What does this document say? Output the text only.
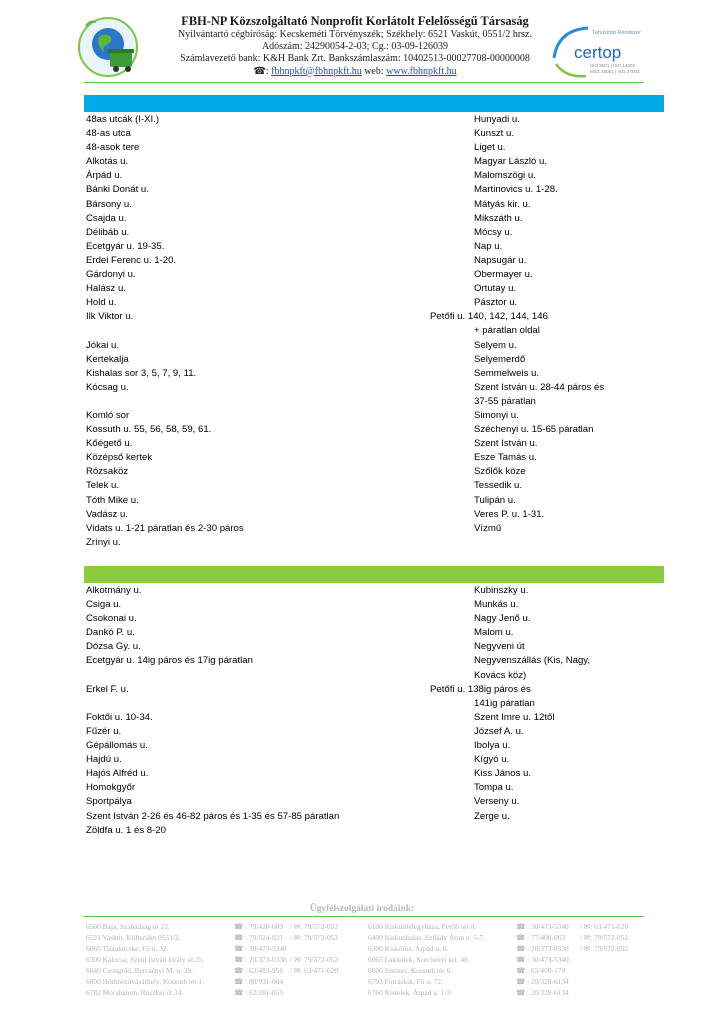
FBH-NP Közszolgáltató Nonprofit Korlátolt Felelősségű Társaság
Nyilvántartó cégbíróság: Kecskeméti Törvényszék; Székhely: 6521 Vaskút, 0551/2 hrsz.
Adószám: 24290054-2-03; Cg.: 03-09-126039
Számlavezető bank: K&H Bank Zrt. Bankszámlaszám: 10402513-00027708-00000008
☎: fbhnpkft@fbhnpkft.hu web: www.fbhnpkft.hu
Tanúsított Rendszer
certop
ISO 9001 | ISO 14001
MSZ 28001 | ISO 27001
48as utcák (I-XI.)	Hunyadi u.
48-as utca	Kunszt u.
48-asok tere	Liget u.
Alkotás u.	Magyar László u.
Árpád u.	Malomszögi u.
Bánki Donát u.	Martinovics u. 1-28.
Bársony u.	Mátyás kir. u.
Csajda u.	Mikszáth u.
Délibáb u.	Mócsy u.
Ecetgyár u. 19-35.	Nap u.
Erdei Ferenc u. 1-20.	Napsugár u.
Gárdonyi u.	Obermayer u.
Halász u.	Ortutay u.
Hold u.	Pásztor u.
Ilk Viktor u.	Petőfi u. 140, 142, 144, 146
+ páratlan oldal
Jókai u.	Selyem u.
Kertekalja	Selyemerdő
Kishalas sor 3, 5, 7, 9, 11.	Semmelweis u.
Kócsag u.	Szent István u. 28-44 páros és
37-55 páratlan
Komló sor	Simonyi u.
Kossuth u. 55, 56, 58, 59, 61.	Széchenyi u. 15-65 páratlan
Kőégető u.	Szent István u.
Középső kertek	Esze Tamás u.
Rózsaköz	Szőlők köze
Telek u.	Tessedik u.
Tóth Mike u.	Tulipán u.
Vadász u.	Veres P. u. 1-31.
Vidats u. 1-21 páratlan és 2-30 páros	Vízmű
Zrínyi u.
Alkotmány u.	Kubinszky u.
Csiga u.	Munkás u.
Csokonai u.	Nagy Jenő u.
Dankó P. u.	Malom u.
Dózsa Gy. u.	Negyveni út
Ecetgyár u. 14ig páros és 17ig páratlan	Negyvenszállás (Kis, Nagy,
Kovács köz)
Erkel F. u.	Petőfi u. 138ig páros és
141ig páratlan
Foktői u. 10-34.	Szent Imre u. 12től
Fűzér u.	József A. u.
Gépállomás u.	Ibolya u.
Hajdú u.	Kígyó u.
Hajós Alfréd u.	Kiss János u.
Homokgyőr	Tompa u.
Sportpálya	Verseny u.
Szent István 2-26 és 46-82 páros és 1-35 és 57-85 páratlan	Zerge u.
Zöldfa u. 1 és 8-20
Ügyfélszolgálati irodáink:
6500 Baja, Szabadság út 22.	☎ : 79/420-609 / ✉: 79/572-052	6100 Kiskunfélegyháza, Petőfi tér 8.	☎ : 30/473-5340 / ✉: 63/471-620
6521 Vaskút, Külterület 0551/2.	☎ : 79/524-821 / ✉: 79/572-052	6400 Kiskunhalas, Szilády Áron u. 5-7.	☎ : 77/400-063 / ✉: 79/572-052
6060 Tiszakécske, Fő u. 32.	☎ : 30/473-5340	6300 Kiskőrös, Árpád u. 8.	☎ : 20/373-0338 / ✉: 79/572-052
6300 Kalocsa, Szent István király út 35.	☎ : 20/373-0338 / ✉: 79/572-052	6065 Lakitelek, Széchenyi krt. 48.	☎ : 30/473-5340
6640 Csongrád, Bercsényi M. u. 39.	☎ : 63/483-956 / ✉: 63/471-620	6600 Szentes, Kossuth tér 6.	☎ : 63/400-179
6800 Hódmezővásárhely, Kossuth tér 1.	☎ : 80/931-004	6793 Forráskút, Fő u. 72.	☎ : 20/328-6134
6782 Mórahalom, Röszkei út 34.	☎ : 62/281-055	6760 Kistelek, Árpád u. 1-3.	☎ : 20/328-6134
